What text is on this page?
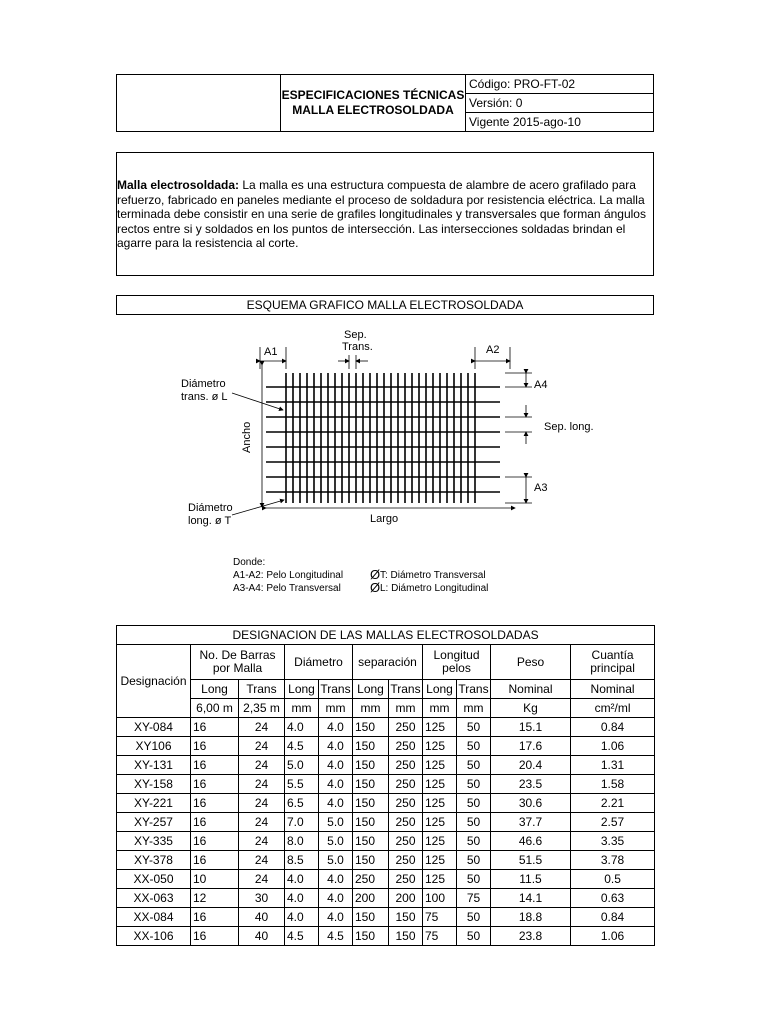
ESPECIFICACIONES TÉCNICAS
MALLA ELECTROSOLDADA
Código: PRO-FT-02
Versión: 0
Vigente 2015-ago-10
Malla electrosoldada: La malla es una estructura compuesta de alambre de acero grafilado para refuerzo, fabricado en paneles mediante el proceso de soldadura por resistencia eléctrica. La malla terminada debe consistir en una serie de grafiles longitudinales y transversales que forman ángulos rectos entre si y soldados en los puntos de intersección. Las intersecciones soldadas brindan el agarre para la resistencia al corte.
ESQUEMA GRAFICO MALLA ELECTROSOLDADA
A1
Sep.
Trans.	A2
A4
Sep. long.
A3
Diámetro
trans. ø L
Diámetro
long. ø T	Largo
Ancho
Donde:
A1-A2: Pelo Longitudinal
A3-A4: Pelo Transversal
Ø T: Diámetro Transversal
Ø L: Diámetro Longitudinal
DESIGNACION DE LAS MALLAS ELECTROSOLDADAS										
Designación	No. De Barras por Malla		Diámetro		separación		Longitud pelos		Peso	Cuantía principal
	Long	Trans	Long	Trans	Long	Trans	Long	Trans	Nominal	Nominal
	6,00 m	2,35 m	mm	mm	mm	mm	mm	mm	Kg	cm²/ml
XY-084	16	24	4.0	4.0	150	250	125	50	15.1	0.84
XY106	16	24	4.5	4.0	150	250	125	50	17.6	1.06
XY-131	16	24	5.0	4.0	150	250	125	50	20.4	1.31
XY-158	16	24	5.5	4.0	150	250	125	50	23.5	1.58
XY-221	16	24	6.5	4.0	150	250	125	50	30.6	2.21
XY-257	16	24	7.0	5.0	150	250	125	50	37.7	2.57
XY-335	16	24	8.0	5.0	150	250	125	50	46.6	3.35
XY-378	16	24	8.5	5.0	150	250	125	50	51.5	3.78
XX-050	10	24	4.0	4.0	250	250	125	50	11.5	0.5
XX-063	12	30	4.0	4.0	200	200	100	75	14.1	0.63
XX-084	16	40	4.0	4.0	150	150	75	50	18.8	0.84
XX-106	16	40	4.5	4.5	150	150	75	50	23.8	1.06
